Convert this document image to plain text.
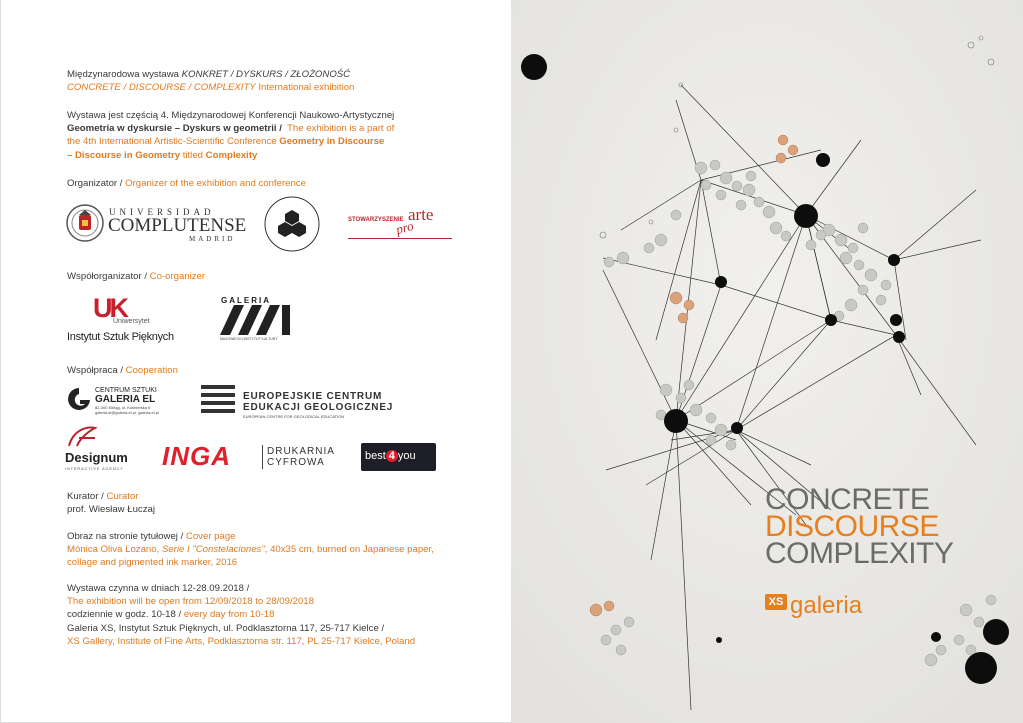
Międzynarodowa wystawa KONKRET / DYSKURS / ZŁOŻONOŚĆ
CONCRETE / DISCOURSE / COMPLEXITY International exhibition
Wystawa jest częścią 4. Międzynarodowej Konferencji Naukowo-Artystycznej
Geometria w dyskursie – Dyskurs w geometrii / The exhibition is a part of
the 4th International Artistic-Scientific Conference Geometry in Discourse
– Discourse in Geometry titled Complexity
Organizator / Organizer of the exhibition and conference
UNIVERSIDAD
COMPLUTENSE
MADRID
STOWARZYSZENIE arte
pro
Współorganizator / Co-organizer
UK
Uniwersytet
Instytut Sztuk Pięknych
GALERIA
MAZOWIECKI INSTYTUT KULTURY
Współpraca / Cooperation
CENTRUM SZTUKI
GALERIA EL
82-300 Elbląg, ul. Kuśnierska 6
galeria.el@galeria-el.pl, galeria-el.pl
EUROPEJSKIE CENTRUM
EDUKACJI GEOLOGICZNEJ
EUROPEAN CENTRE FOR GEOLOGICAL EDUCATION
Designum
INTERACTIVE AGENCY INGA	DRUKARNIA
CYFROWA
best 4 you
Kurator / Curator
prof. Wiesław Łuczaj
Obraz na stronie tytułowej / Cover page
Mónica Oliva Lozano, Serie I "Constelaciones", 40x35 cm, burned on Japanese paper,
collage and pigmented ink marker, 2016
Wystawa czynna w dniach 12-28.09.2018 /
The exhibition will be open from 12/09/2018 to 28/09/2018
codziennie w godz. 10-18 / every day from 10-18
Galeria XS, Instytut Sztuk Pięknych, ul. Podklasztorna 117, 25-717 Kielce /
XS Gallery, Institute of Fine Arts, Podklasztorna str. 117, PL 25-717 Kielce, Poland
CONCRETE
DISCOURSE
COMPLEXITY
XS galeria
